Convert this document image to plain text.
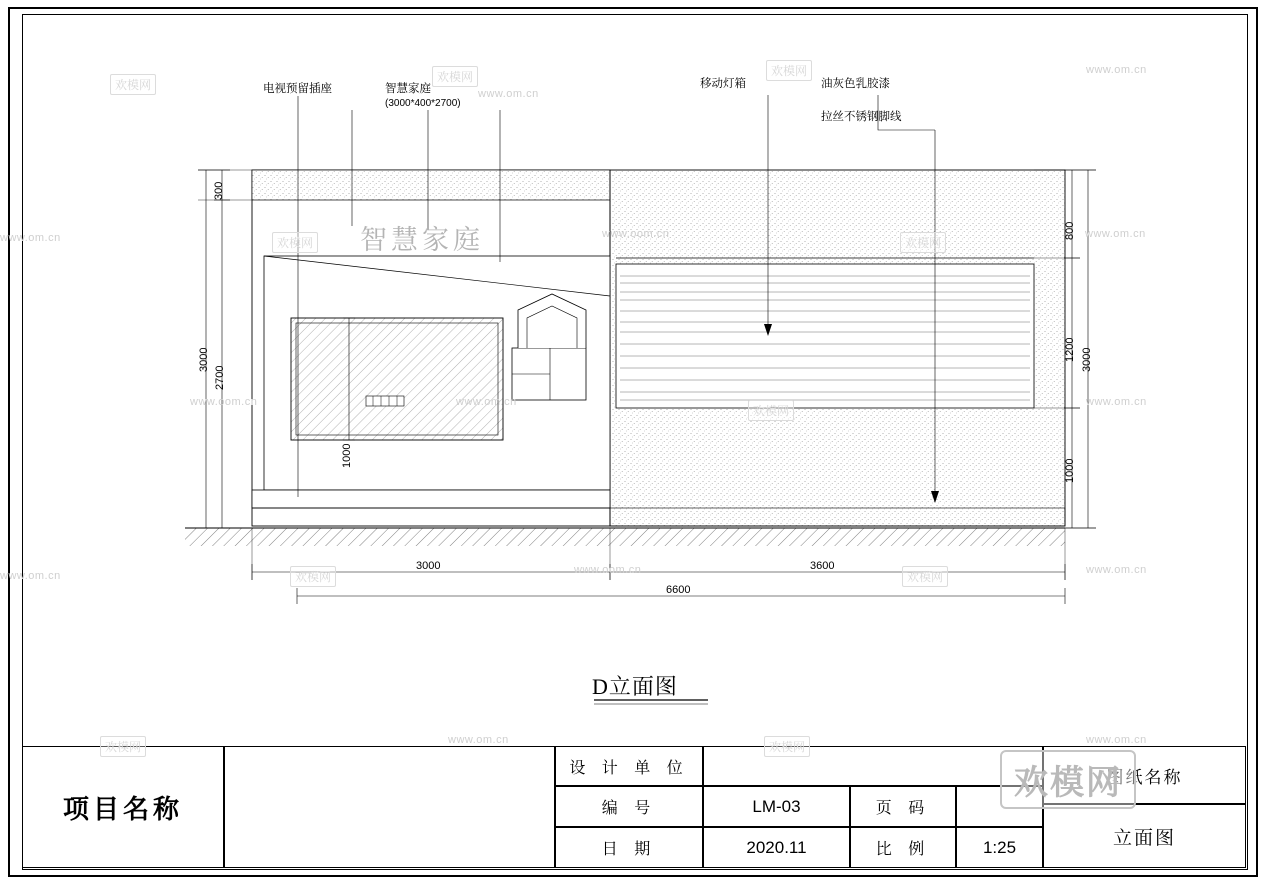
电视预留插座	智慧家庭
(3000*400*2700)
移动灯箱	油灰色乳胶漆
拉丝不锈钢脚线
智慧家庭
300
3000
2700
1000
800
1200 3000
1000
3000	3600
6600
D立面图
项目名称
设 计 单 位
编 号	LM-03	页 码
日 期	2020.11	比 例	1:25
图纸名称
立面图
欢模网
欢模网	欢模网
www.om.cn
www.om.cn
欢模网
www.oom.cn
欢模网
www.om.cn
www.om.cn
www.oom.cn	www.om.cn
欢模网
www.om.cn
www.om.cn	欢模网	www.oom.cn	欢模网	www.om.cn
欢模网	www.om.cn	欢模网	www.om.cn
欢模网
